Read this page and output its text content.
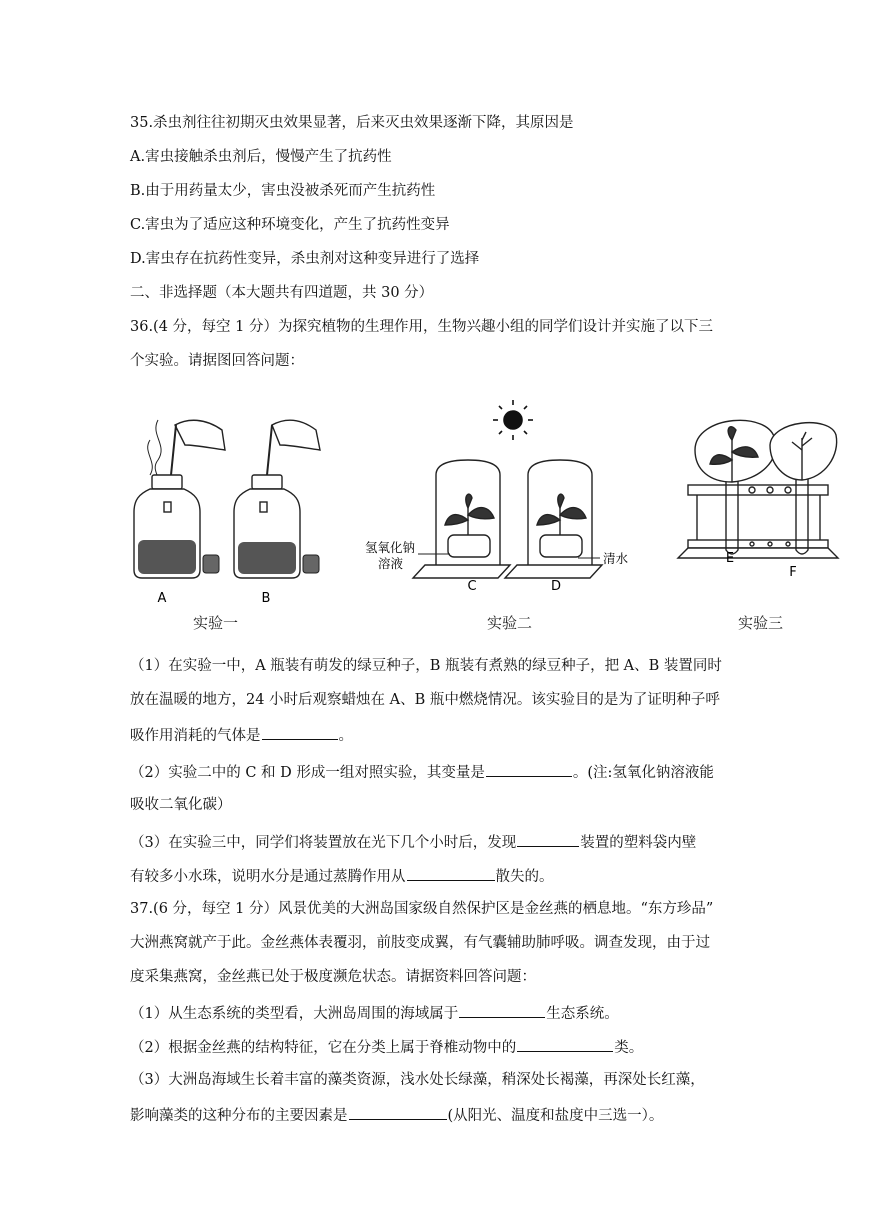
35.杀虫剂往往初期灭虫效果显著，后来灭虫效果逐渐下降，其原因是
A.害虫接触杀虫剂后，慢慢产生了抗药性
B.由于用药量太少，害虫没被杀死而产生抗药性
C.害虫为了适应这种环境变化，产生了抗药性变异
D.害虫存在抗药性变异，杀虫剂对这种变异进行了选择
二、非选择题（本大题共有四道题，共 30 分）
36.(4 分，每空 1 分）为探究植物的生理作用，生物兴趣小组的同学们设计并实施了以下三
个实验。请据图回答问题：
A	B
C	D
E
F
氢氧化钠
溶液	清水
实验一	实验二	实验三
（1）在实验一中，A 瓶装有萌发的绿豆种子，B 瓶装有煮熟的绿豆种子，把 A、B 装置同时
放在温暖的地方，24 小时后观察蜡烛在 A、B 瓶中燃烧情况。该实验目的是为了证明种子呼
吸作用消耗的气体是	。
（2）实验二中的 C 和 D 形成一组对照实验，其变量是	。(注:氢氧化钠溶液能
吸收二氧化碳）
（3）在实验三中，同学们将装置放在光下几个小时后，发现	装置的塑料袋内壁
有较多小水珠，说明水分是通过蒸腾作用从	散失的。
37.(6 分，每空 1 分）风景优美的大洲岛国家级自然保护区是金丝燕的栖息地。“东方珍品”
大洲燕窝就产于此。金丝燕体表覆羽，前肢变成翼，有气囊辅助肺呼吸。调查发现，由于过
度采集燕窝，金丝燕已处于极度濒危状态。请据资料回答问题：
（1）从生态系统的类型看，大洲岛周围的海域属于	生态系统。
（2）根据金丝燕的结构特征，它在分类上属于脊椎动物中的	类。
（3）大洲岛海域生长着丰富的藻类资源，浅水处长绿藻，稍深处长褐藻，再深处长红藻，
影响藻类的这种分布的主要因素是	(从阳光、温度和盐度中三选一）。
